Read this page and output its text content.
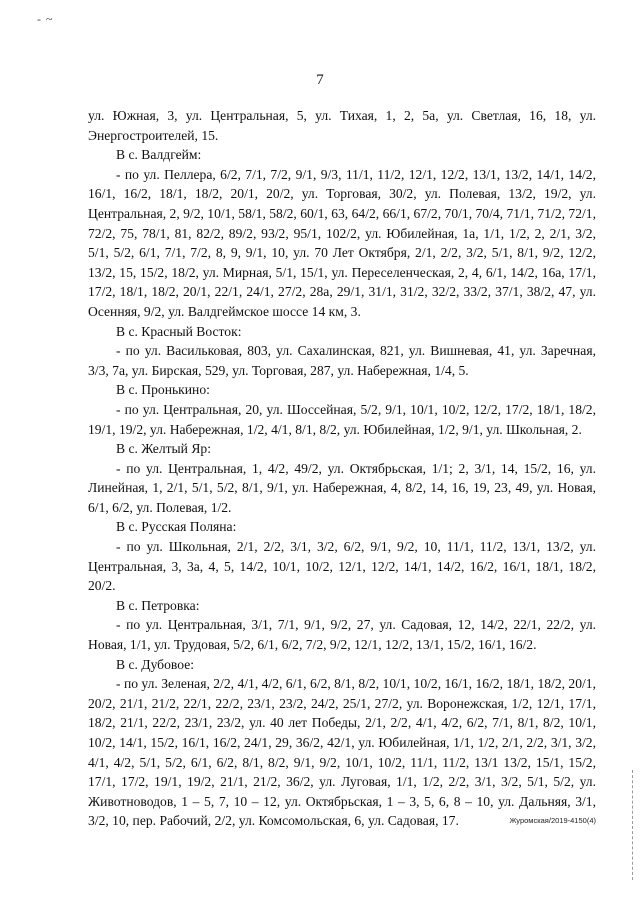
- ~
7

ул. Южная, 3, ул. Центральная, 5, ул. Тихая, 1, 2, 5а, ул. Светлая, 16, 18, ул. Энергостроителей, 15.

В с. Валдгейм:

- по ул. Пеллера, 6/2, 7/1, 7/2, 9/1, 9/3, 11/1, 11/2, 12/1, 12/2, 13/1, 13/2, 14/1, 14/2, 16/1, 16/2, 18/1, 18/2, 20/1, 20/2, ул. Торговая, 30/2, ул. Полевая, 13/2, 19/2, ул. Центральная, 2, 9/2, 10/1, 58/1, 58/2, 60/1, 63, 64/2, 66/1, 67/2, 70/1, 70/4, 71/1, 71/2, 72/1, 72/2, 75, 78/1, 81, 82/2, 89/2, 93/2, 95/1, 102/2, ул. Юбилейная, 1а, 1/1, 1/2, 2, 2/1, 3/2, 5/1, 5/2, 6/1, 7/1, 7/2, 8, 9, 9/1, 10, ул. 70 Лет Октября, 2/1, 2/2, 3/2, 5/1, 8/1, 9/2, 12/2, 13/2, 15, 15/2, 18/2, ул. Мирная, 5/1, 15/1, ул. Переселенческая, 2, 4, 6/1, 14/2, 16а, 17/1, 17/2, 18/1, 18/2, 20/1, 22/1, 24/1, 27/2, 28а, 29/1, 31/1, 31/2, 32/2, 33/2, 37/1, 38/2, 47, ул. Осенняя, 9/2, ул. Валдгеймское шоссе 14 км, 3.

В с. Красный Восток:

- по ул. Васильковая, 803, ул. Сахалинская, 821, ул. Вишневая, 41, ул. Заречная, 3/3, 7а, ул. Бирская, 529, ул. Торговая, 287, ул. Набережная, 1/4, 5.

В с. Пронькино:

- по ул. Центральная, 20, ул. Шоссейная, 5/2, 9/1, 10/1, 10/2, 12/2, 17/2, 18/1, 18/2, 19/1, 19/2, ул. Набережная, 1/2, 4/1, 8/1, 8/2, ул. Юбилейная, 1/2, 9/1, ул. Школьная, 2.

В с. Желтый Яр:

- по ул. Центральная, 1, 4/2, 49/2, ул. Октябрьская, 1/1; 2, 3/1, 14, 15/2, 16, ул. Линейная, 1, 2/1, 5/1, 5/2, 8/1, 9/1, ул. Набережная, 4, 8/2, 14, 16, 19, 23, 49, ул. Новая, 6/1, 6/2, ул. Полевая, 1/2.

В с. Русская Поляна:

- по ул. Школьная, 2/1, 2/2, 3/1, 3/2, 6/2, 9/1, 9/2, 10, 11/1, 11/2, 13/1, 13/2, ул. Центральная, 3, 3а, 4, 5, 14/2, 10/1, 10/2, 12/1, 12/2, 14/1, 14/2, 16/2, 16/1, 18/1, 18/2, 20/2.

В с. Петровка:

- по ул. Центральная, 3/1, 7/1, 9/1, 9/2, 27, ул. Садовая, 12, 14/2, 22/1, 22/2, ул. Новая, 1/1, ул. Трудовая, 5/2, 6/1, 6/2, 7/2, 9/2, 12/1, 12/2, 13/1, 15/2, 16/1, 16/2.

В с. Дубовое:

- по ул. Зеленая, 2/2, 4/1, 4/2, 6/1, 6/2, 8/1, 8/2, 10/1, 10/2, 16/1, 16/2, 18/1, 18/2, 20/1, 20/2, 21/1, 21/2, 22/1, 22/2, 23/1, 23/2, 24/2, 25/1, 27/2, ул. Воронежская, 1/2, 12/1, 17/1, 18/2, 21/1, 22/2, 23/1, 23/2, ул. 40 лет Победы, 2/1, 2/2, 4/1, 4/2, 6/2, 7/1, 8/1, 8/2, 10/1, 10/2, 14/1, 15/2, 16/1, 16/2, 24/1, 29, 36/2, 42/1, ул. Юбилейная, 1/1, 1/2, 2/1, 2/2, 3/1, 3/2, 4/1, 4/2, 5/1, 5/2, 6/1, 6/2, 8/1, 8/2, 9/1, 9/2, 10/1, 10/2, 11/1, 11/2, 13/1 13/2, 15/1, 15/2, 17/1, 17/2, 19/1, 19/2, 21/1, 21/2, 36/2, ул. Луговая, 1/1, 1/2, 2/2, 3/1, 3/2, 5/1, 5/2, ул. Животноводов, 1 – 5, 7, 10 – 12, ул. Октябрьская, 1 – 3, 5, 6, 8 – 10, ул. Дальняя, 3/1, 3/2, 10, пер. Рабочий, 2/2, ул. Комсомольская, 6, ул. Садовая, 17.	Журомская/2019-4150(4)
